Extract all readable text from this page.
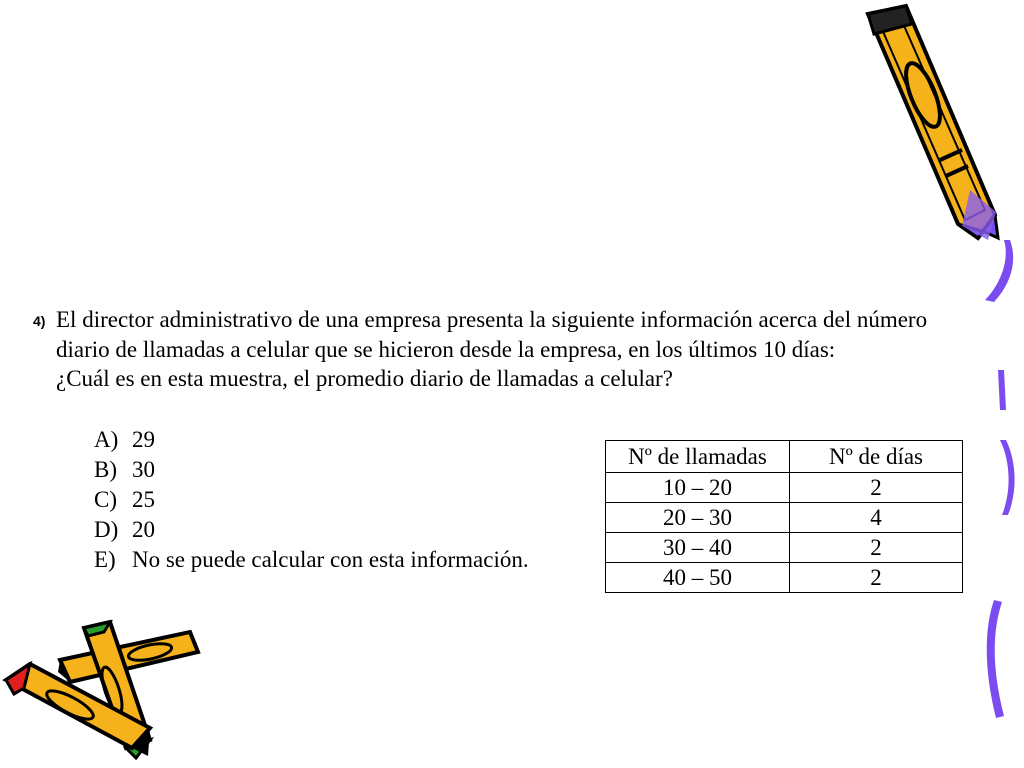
4) El director administrativo de una empresa presenta la siguiente información acerca del número diario de llamadas a celular que se hicieron desde la empresa, en los últimos 10 días:

¿Cuál es en esta muestra, el promedio diario de llamadas a celular?

A) 29
B) 30
C) 25
D) 20
E) No se puede calcular con esta información.
Nº de llamadas	Nº de días
10 – 20	2
20 – 30	4
30 – 40	2
40 – 50	2
